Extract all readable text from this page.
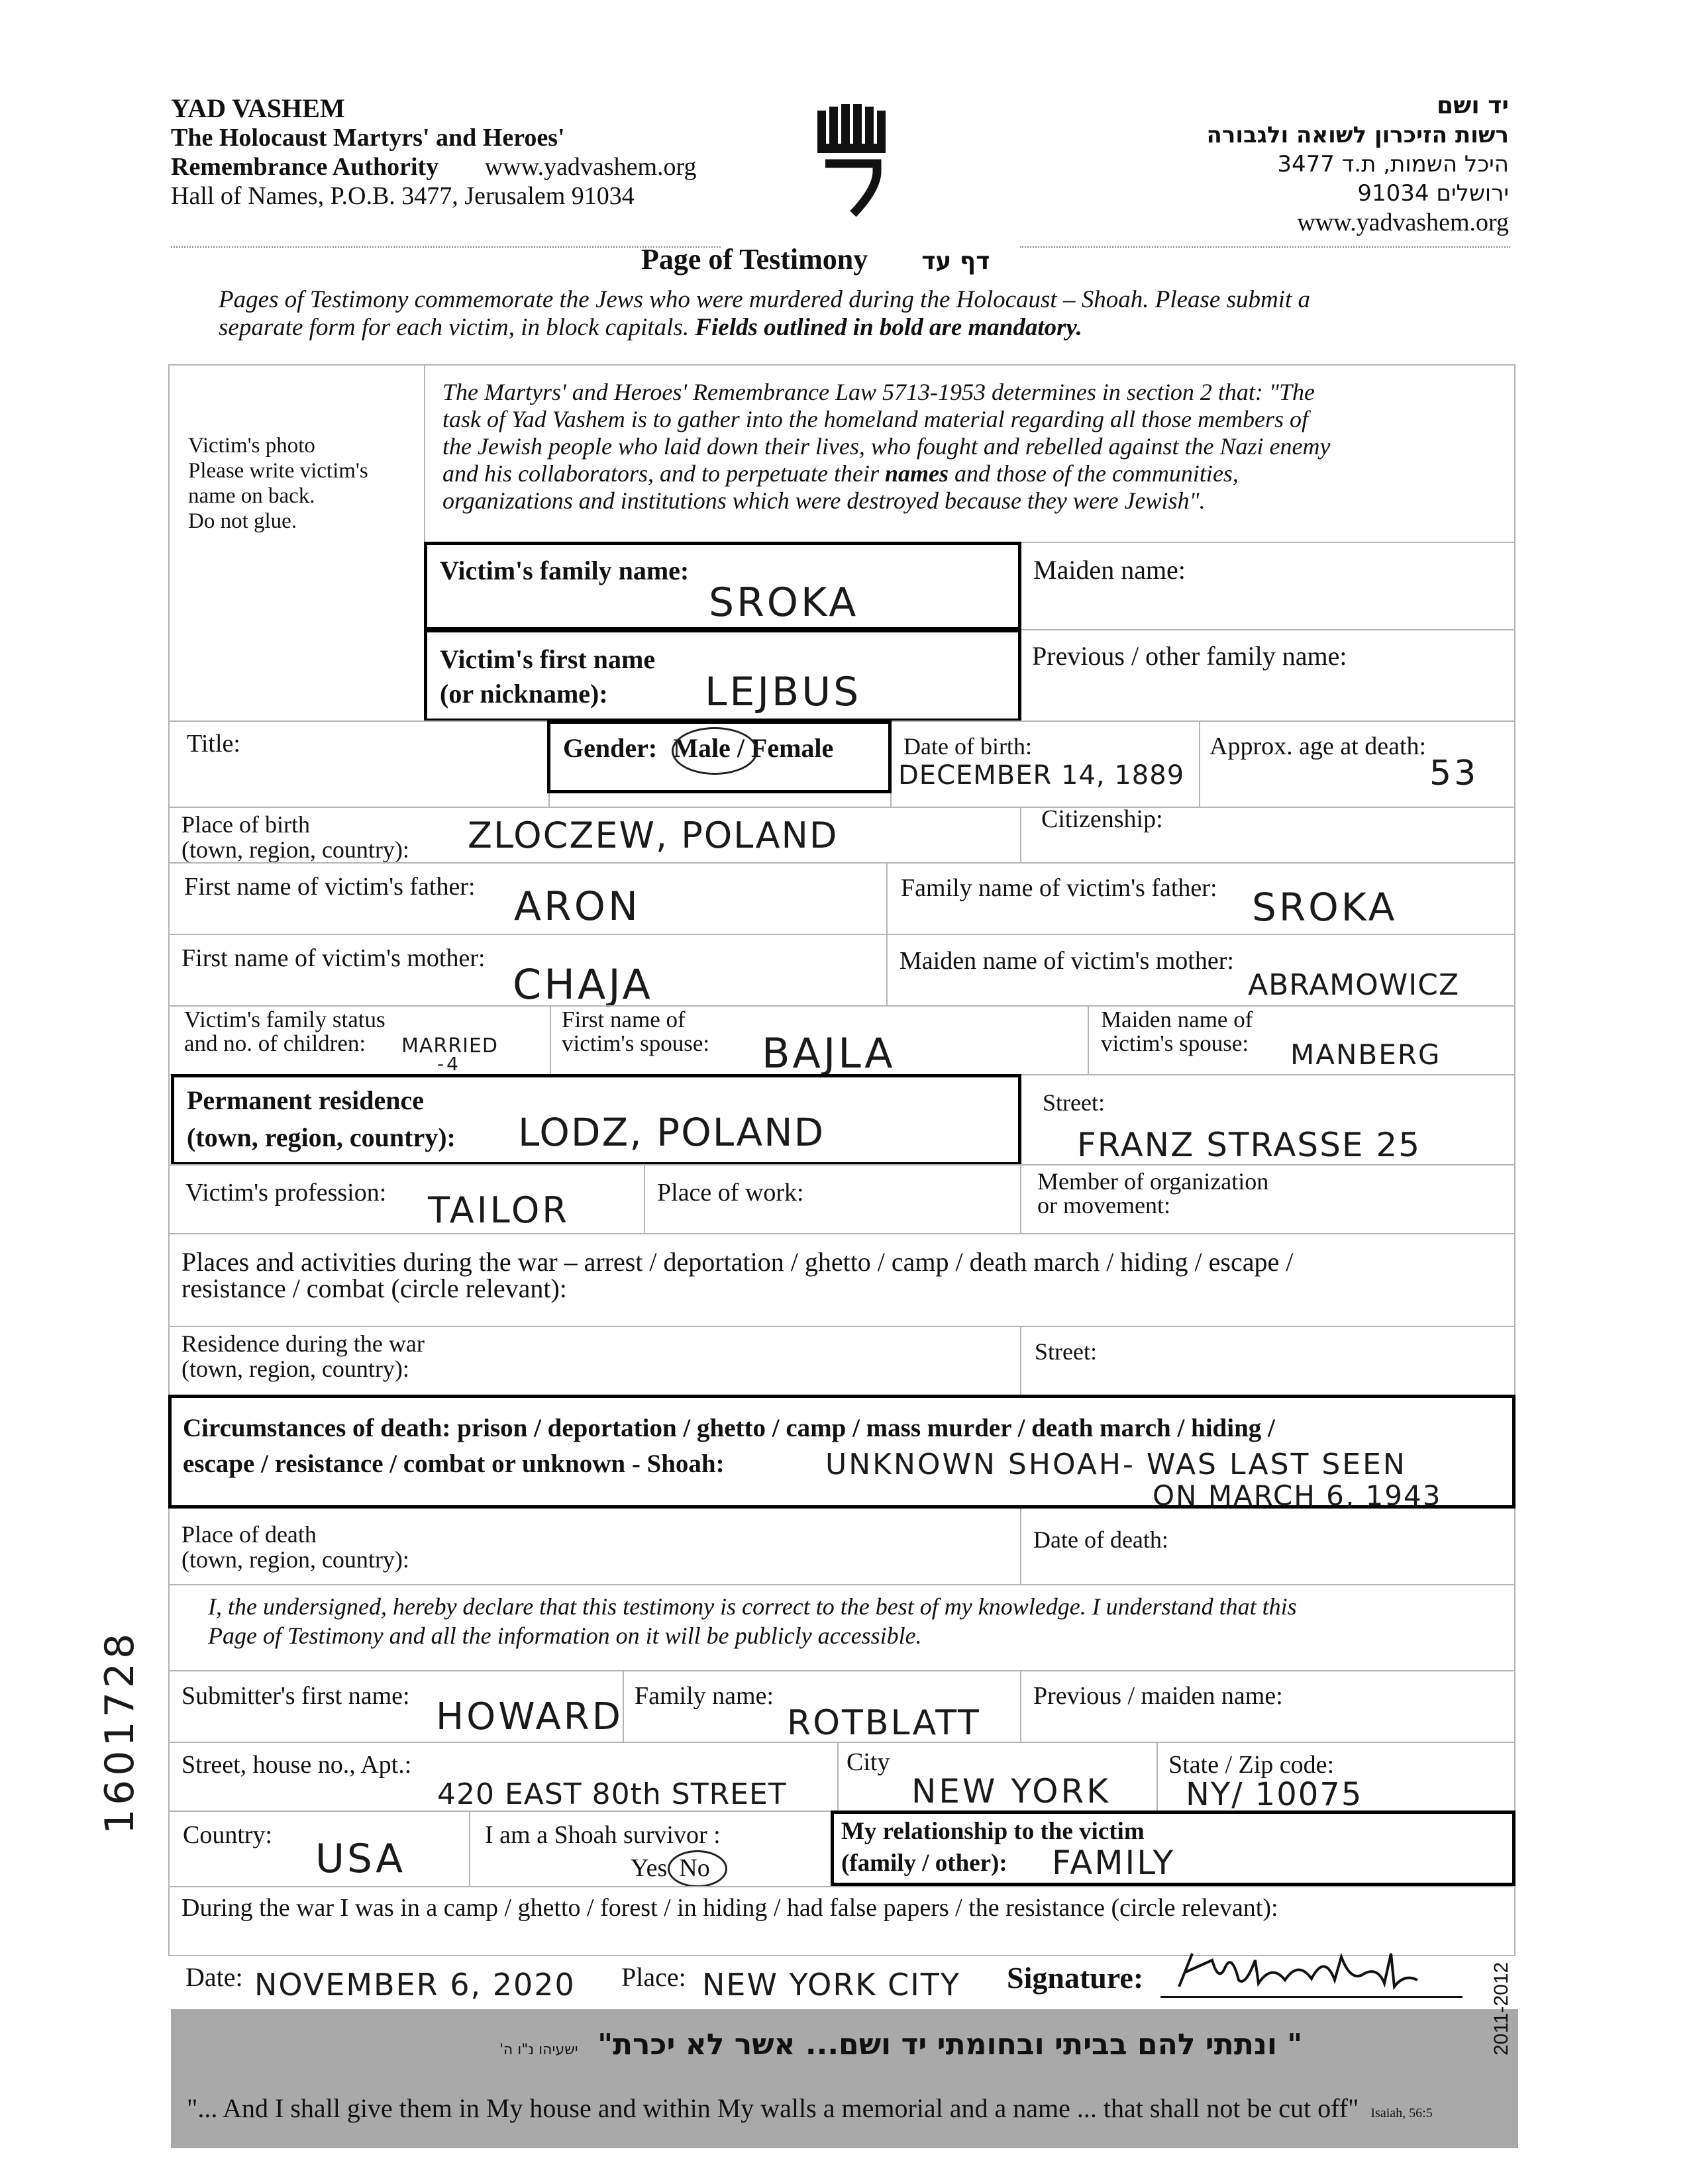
YAD VASHEM
The Holocaust Martyrs' and Heroes'
Remembrance Authority www.yadvashem.org
Hall of Names, P.O.B. 3477, Jerusalem 91034
יד ושם
רשות הזיכרון לשואה ולגבורה
היכל השמות, ת.ד 3477
ירושלים 91034
www.yadvashem.org
Page of Testimony דף עד
Pages of Testimony commemorate the Jews who were murdered during the Holocaust – Shoah. Please submit a
separate form for each victim, in block capitals. Fields outlined in bold are mandatory.
Victim's photo
Please write victim's
name on back.
Do not glue.
The Martyrs' and Heroes' Remembrance Law 5713-1953 determines in section 2 that: "The
task of Yad Vashem is to gather into the homeland material regarding all those members of
the Jewish people who laid down their lives, who fought and rebelled against the Nazi enemy
and his collaborators, and to perpetuate their names and those of the communities,
organizations and institutions which were destroyed because they were Jewish".
Victim's family name:
SROKA
Maiden name:
Victim's first name
(or nickname):	LEJBUS
Previous / other family name:
Title:	Gender: Male / Female	Date of birth:
DECEMBER 14, 1889
Approx. age at death:
53
Place of birth
(town, region, country): ZLOCZEW, POLAND	Citizenship:
First name of victim's father: ARON	Family name of victim's father: SROKA
First name of victim's mother:
CHAJA	Maiden name of victim's mother:
ABRAMOWICZ
Victim's family status
and no. of children:	MARRIED
-4
First name of
victim's spouse: BAJLA
Maiden name of
victim's spouse: MANBERG
Permanent residence
(town, region, country): LODZ, POLAND
Street:
FRANZ STRASSE 25
Victim's profession: TAILOR	Place of work:	Member of organization
or movement:
Places and activities during the war – arrest / deportation / ghetto / camp / death march / hiding / escape /
resistance / combat (circle relevant):
Residence during the war
(town, region, country):
Street:
Circumstances of death: prison / deportation / ghetto / camp / mass murder / death march / hiding /
escape / resistance / combat or unknown - Shoah:	UNKNOWN SHOAH- WAS LAST SEEN
ON MARCH 6, 1943
Place of death
(town, region, country):
Date of death:
I, the undersigned, hereby declare that this testimony is correct to the best of my knowledge. I understand that this
Page of Testimony and all the information on it will be publicly accessible.
Submitter's first name: HOWARD Family name:
ROTBLATT
Previous / maiden name:
Street, house no., Apt.:
420 EAST 80th STREET
City
NEW YORK
State / Zip code:
NY/ 10075
Country:
USA
I am a Shoah survivor :
Yes No
My relationship to the victim
(family / other):	FAMILY
During the war I was in a camp / ghetto / forest / in hiding / had false papers / the resistance (circle relevant):
Date: NOVEMBER 6, 2020 Place: NEW YORK CITY Signature:
" ונתתי להם בביתי ובחומתי יד ושם... אשר לא יכרת" ישעיהו נ"ו ה'
"... And I shall give them in My house and within My walls a memorial and a name ... that shall not be cut off" Isaiah, 56:5
2011-2012
1601728
